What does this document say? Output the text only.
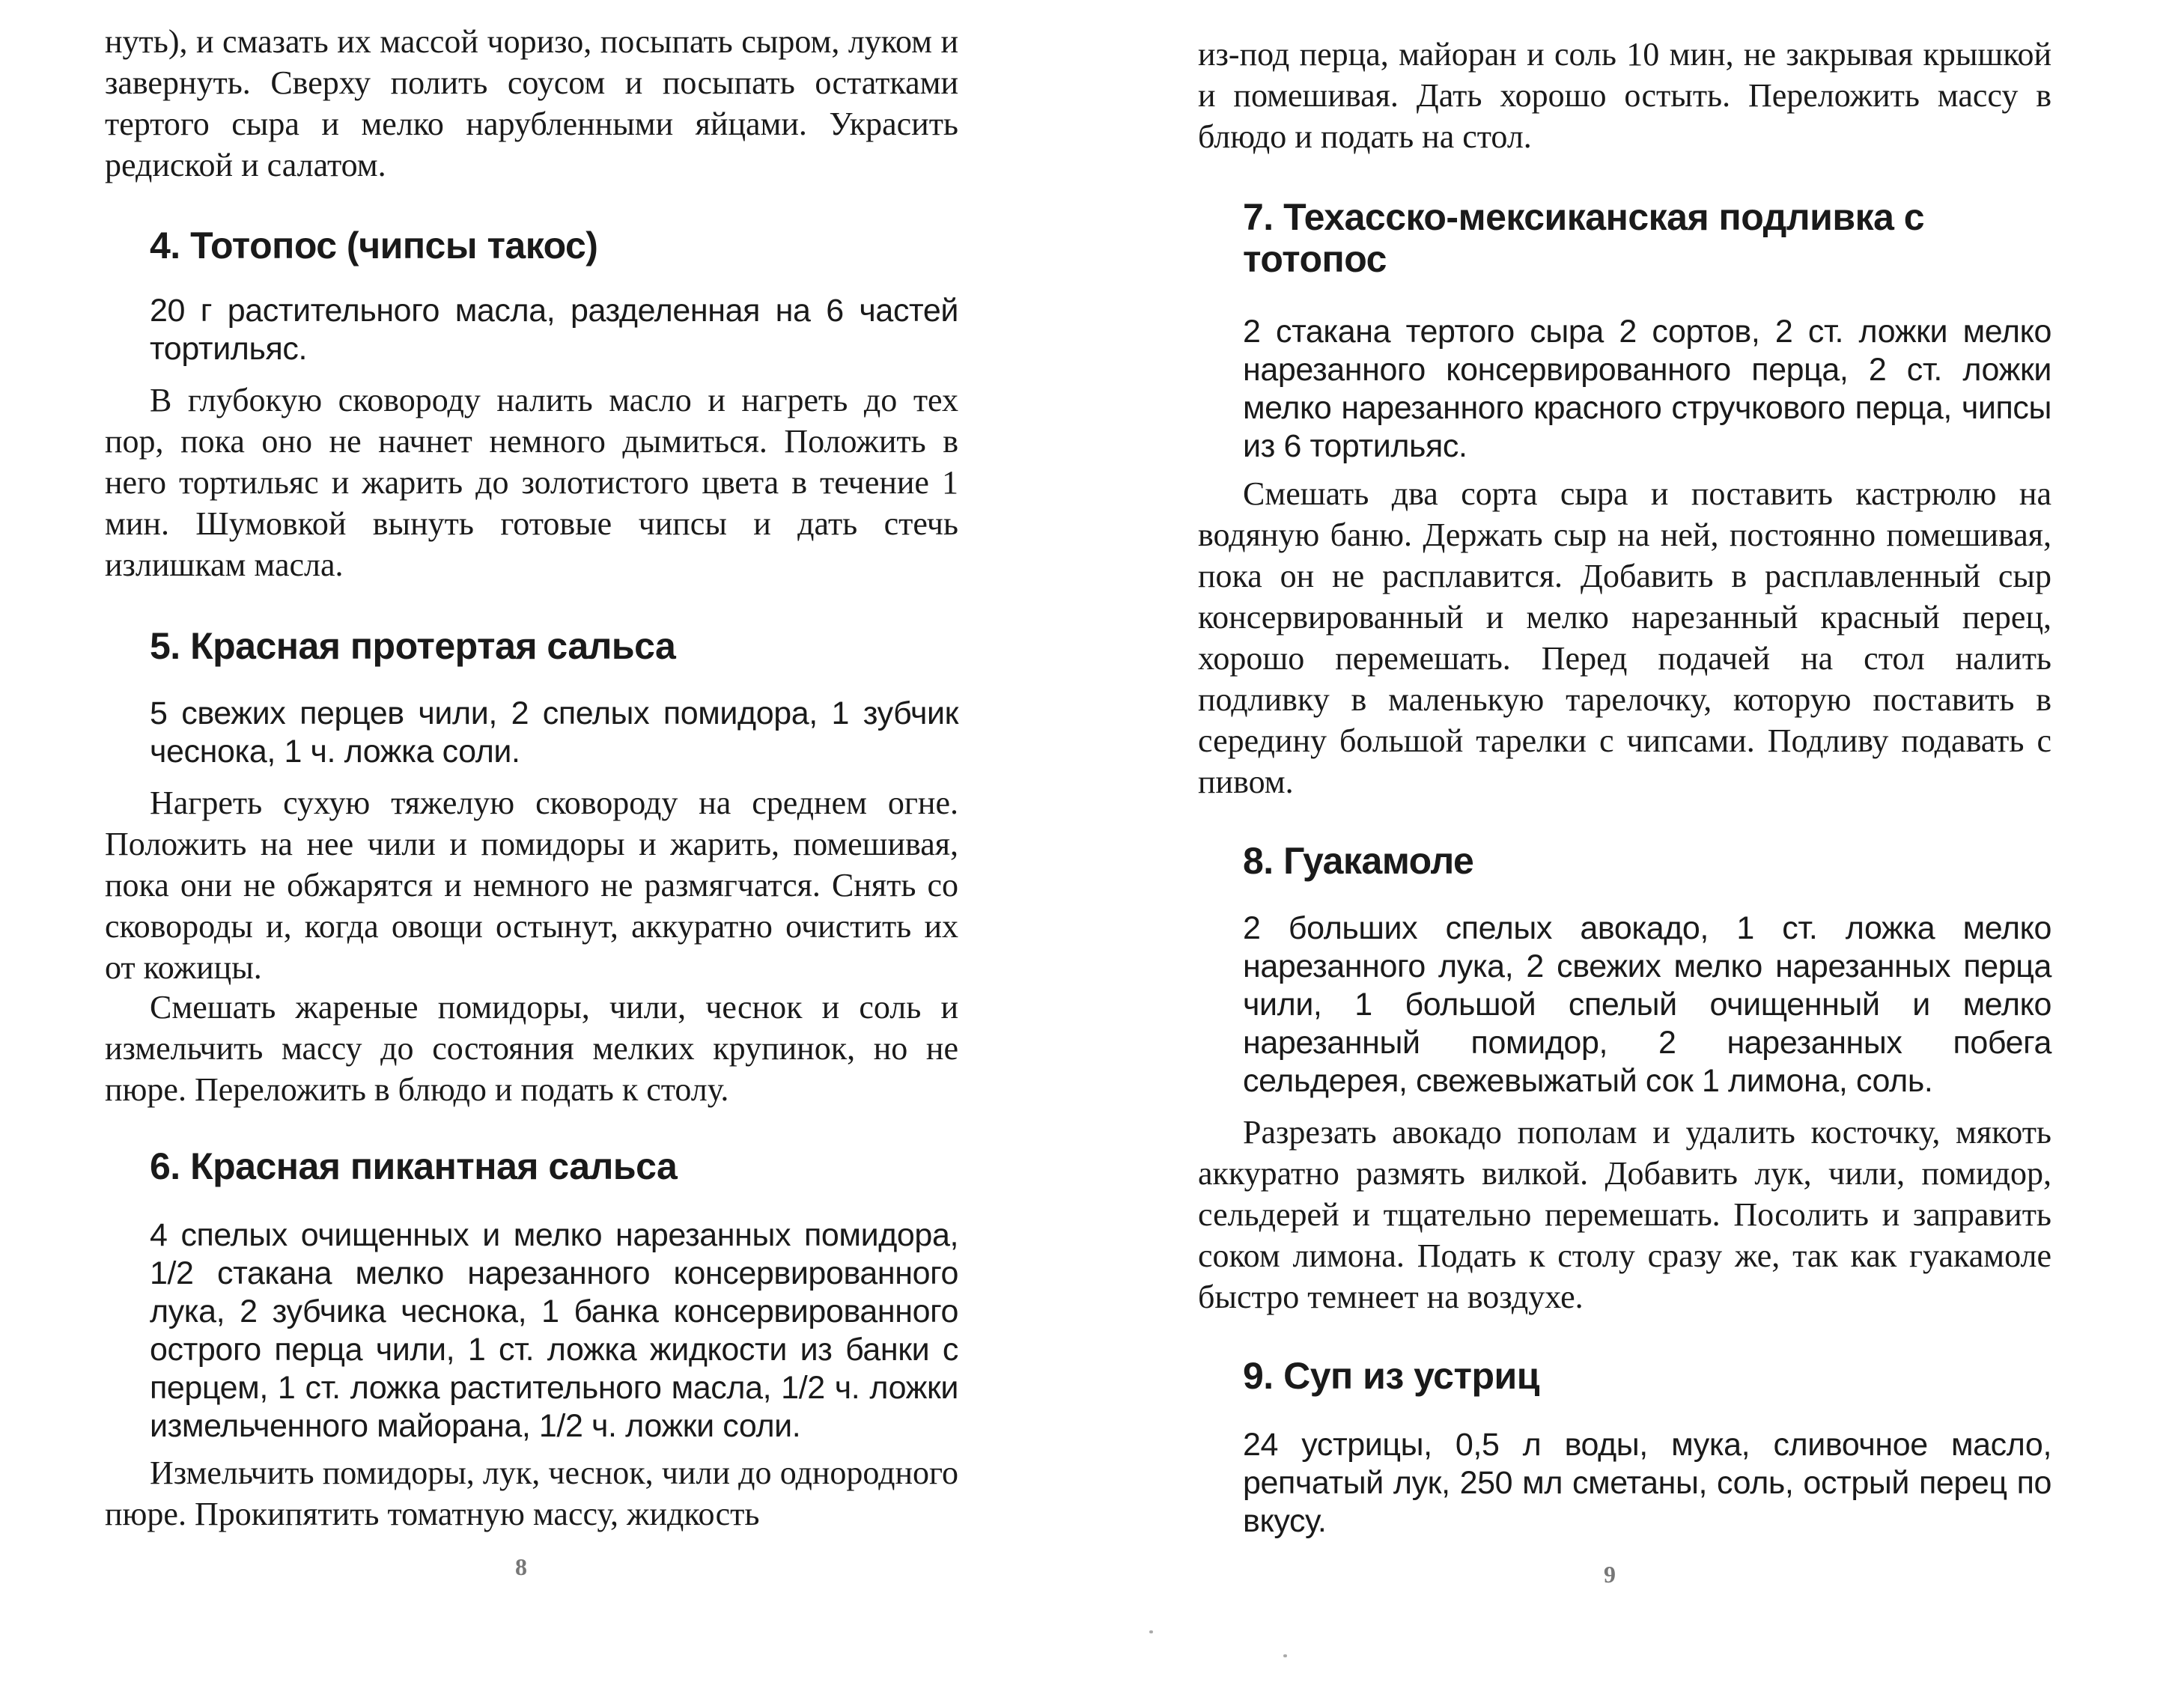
нуть), и смазать их массой чоризо, посыпать сыром, луком и завернуть. Сверху полить соусом и посыпать остатками тертого сыра и мелко нарубленными яйцами. Украсить редиской и салатом.

4. Тотопос (чипсы такос)

20 г растительного масла, разделенная на 6 частей тортильяс.

В глубокую сковороду налить масло и нагреть до тех пор, пока оно не начнет немного дымиться. Положить в него тортильяс и жарить до золотистого цвета в течение 1 мин. Шумовкой вынуть готовые чипсы и дать стечь излишкам масла.

5. Красная протертая сальса

5 свежих перцев чили, 2 спелых помидора, 1 зубчик чеснока, 1 ч. ложка соли.

Нагреть сухую тяжелую сковороду на среднем огне. Положить на нее чили и помидоры и жарить, помешивая, пока они не обжарятся и немного не размягчатся. Снять со сковороды и, когда овощи остынут, аккуратно очистить их от кожицы.

Смешать жареные помидоры, чили, чеснок и соль и измельчить массу до состояния мелких крупинок, но не пюре. Переложить в блюдо и подать к столу.

6. Красная пикантная сальса

4 спелых очищенных и мелко нарезанных помидора, 1/2 стакана мелко нарезанного консервированного лука, 2 зубчика чеснока, 1 банка консервированного острого перца чили, 1 ст. ложка жидкости из банки с перцем, 1 ст. ложка растительного масла, 1/2 ч. ложки измельченного майорана, 1/2 ч. ложки соли.

Измельчить помидоры, лук, чеснок, чили до однородного пюре. Прокипятить томатную массу, жидкость

8

из-под перца, майоран и соль 10 мин, не закрывая крышкой и помешивая. Дать хорошо остыть. Переложить массу в блюдо и подать на стол.

7. Техасско-мексиканская подливка с тотопос

2 стакана тертого сыра 2 сортов, 2 ст. ложки мелко нарезанного консервированного перца, 2 ст. ложки мелко нарезанного красного стручкового перца, чипсы из 6 тортильяс.

Смешать два сорта сыра и поставить кастрюлю на водяную баню. Держать сыр на ней, постоянно помешивая, пока он не расплавится. Добавить в расплавленный сыр консервированный и мелко нарезанный красный перец, хорошо перемешать. Перед подачей на стол налить подливку в маленькую тарелочку, которую поставить в середину большой тарелки с чипсами. Подливу подавать с пивом.

8. Гуакамоле

2 больших спелых авокадо, 1 ст. ложка мелко нарезанного лука, 2 свежих мелко нарезанных перца чили, 1 большой спелый очищенный и мелко нарезанный помидор, 2 нарезанных побега сельдерея, свежевыжатый сок 1 лимона, соль.

Разрезать авокадо пополам и удалить косточку, мякоть аккуратно размять вилкой. Добавить лук, чили, помидор, сельдерей и тщательно перемешать. Посолить и заправить соком лимона. Подать к столу сразу же, так как гуакамоле быстро темнеет на воздухе.

9. Суп из устриц

24 устрицы, 0,5 л воды, мука, сливочное масло, репчатый лук, 250 мл сметаны, соль, острый перец по вкусу.

9
